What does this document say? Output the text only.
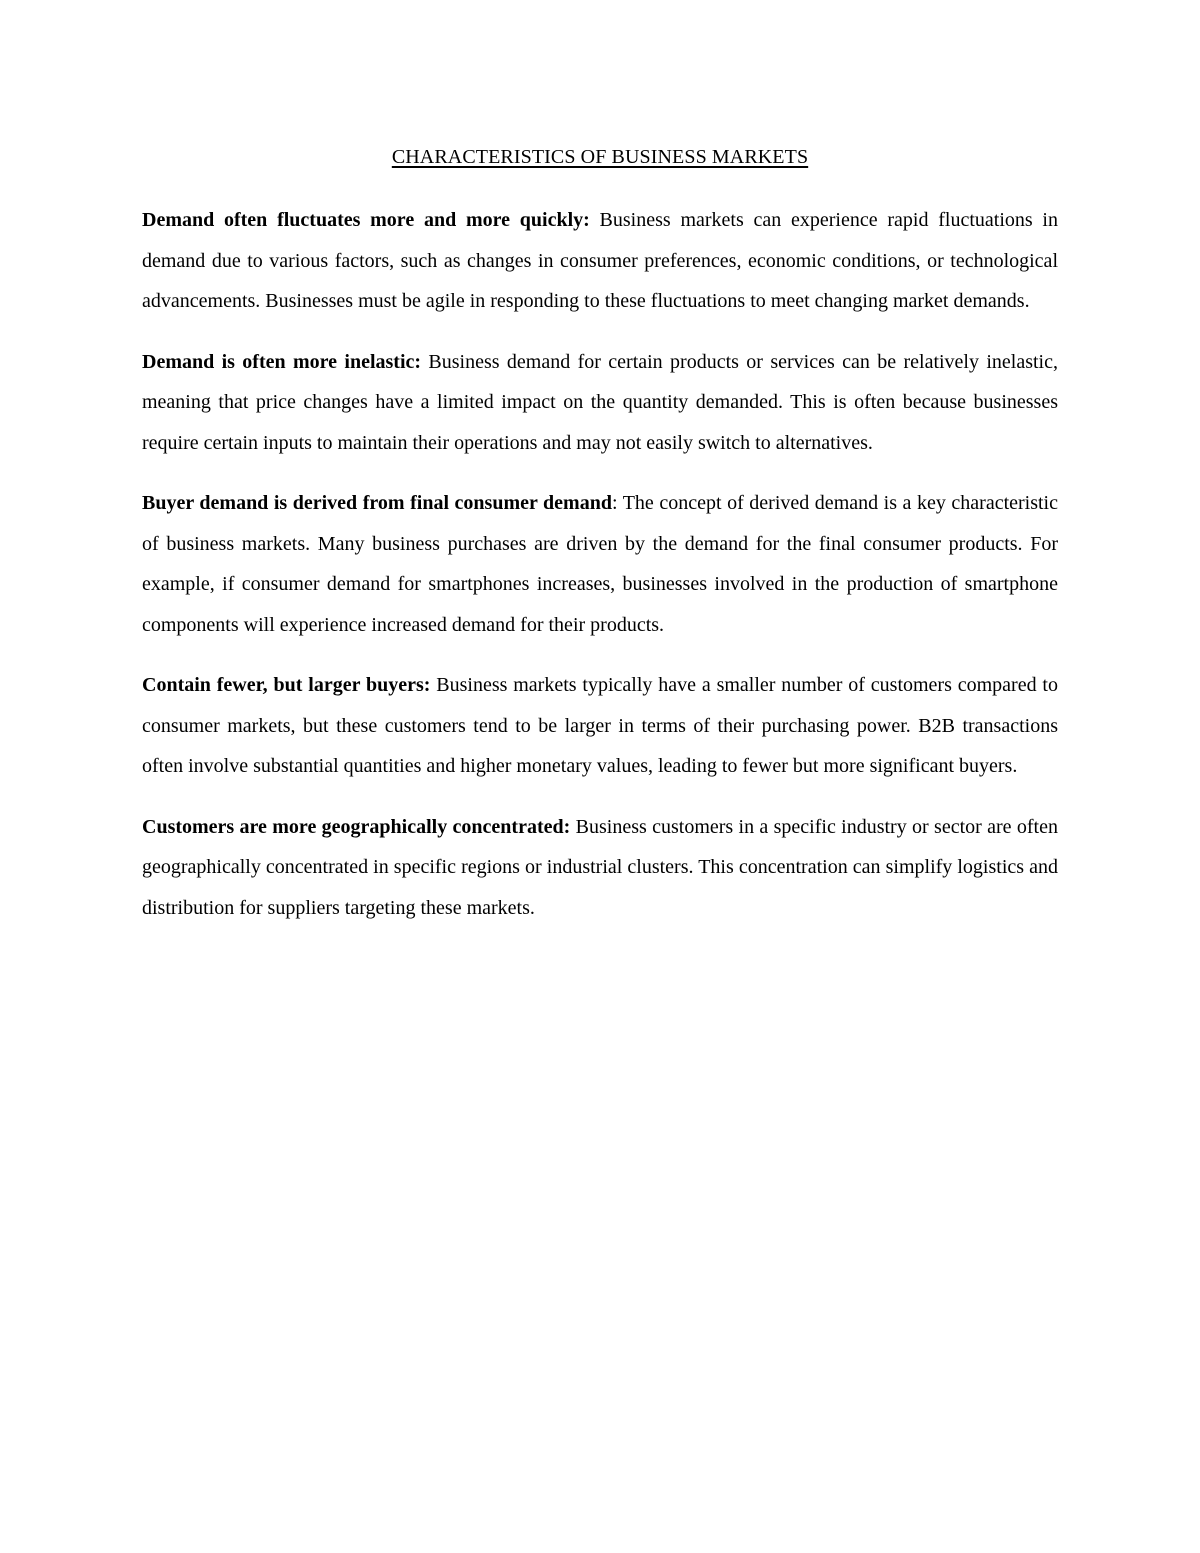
CHARACTERISTICS OF BUSINESS MARKETS

Demand often fluctuates more and more quickly: Business markets can experience rapid fluctuations in demand due to various factors, such as changes in consumer preferences, economic conditions, or technological advancements. Businesses must be agile in responding to these fluctuations to meet changing market demands.

Demand is often more inelastic: Business demand for certain products or services can be relatively inelastic, meaning that price changes have a limited impact on the quantity demanded. This is often because businesses require certain inputs to maintain their operations and may not easily switch to alternatives.

Buyer demand is derived from final consumer demand: The concept of derived demand is a key characteristic of business markets. Many business purchases are driven by the demand for the final consumer products. For example, if consumer demand for smartphones increases, businesses involved in the production of smartphone components will experience increased demand for their products.

Contain fewer, but larger buyers: Business markets typically have a smaller number of customers compared to consumer markets, but these customers tend to be larger in terms of their purchasing power. B2B transactions often involve substantial quantities and higher monetary values, leading to fewer but more significant buyers.

Customers are more geographically concentrated: Business customers in a specific industry or sector are often geographically concentrated in specific regions or industrial clusters. This concentration can simplify logistics and distribution for suppliers targeting these markets.
